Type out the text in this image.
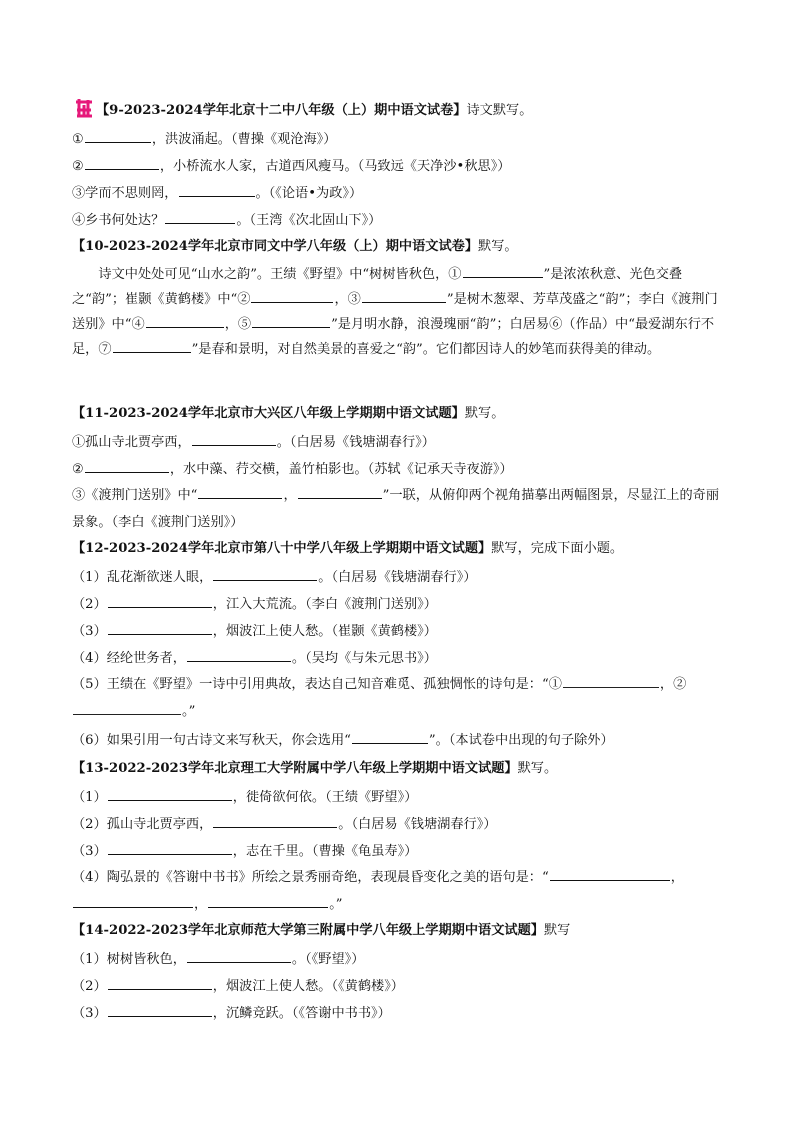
【9-2023-2024学年北京十二中八年级（上）期中语文试卷】诗文默写。
①	，洪波涌起。（曹操《观沧海》）
②	，小桥流水人家，古道西风瘦马。（马致远《天净沙•秋思》）
③学而不思则罔，	。（《论语•为政》）
④乡书何处达？	。（王湾《次北固山下》）
【10-2023-2024学年北京市同文中学八年级（上）期中语文试卷】默写。
诗文中处处可见“山水之韵”。王绩《野望》中“树树皆秋色，①	”是浓浓秋意、光色交叠之“韵”；崔颢《黄鹤楼》中“②	，③	”是树木葱翠、芳草茂盛之“韵”；李白《渡荆门送别》中“④	，⑤	”是月明水静，浪漫瑰丽“韵”；白居易⑥（作品）中“最爱湖东行不足，⑦	”是春和景明，对自然美景的喜爱之“韵”。它们都因诗人的妙笔而获得美的律动。
【11-2023-2024学年北京市大兴区八年级上学期期中语文试题】默写。
①孤山寺北贾亭西，	。（白居易《钱塘湖春行》）
②	，水中藻、荇交横，盖竹柏影也。（苏轼《记承天寺夜游》）
③《渡荆门送别》中“	，	”一联，从俯仰两个视角描摹出两幅图景，尽显江上的奇丽景象。（李白《渡荆门送别》）
【12-2023-2024学年北京市第八十中学八年级上学期期中语文试题】默写，完成下面小题。
（1）乱花渐欲迷人眼，	。（白居易《钱塘湖春行》）
（2）	，江入大荒流。（李白《渡荆门送别》）
（3）	，烟波江上使人愁。（崔颢《黄鹤楼》）
（4）经纶世务者，	。（吴均《与朱元思书》）
（5）王绩在《野望》一诗中引用典故，表达自己知音难觅、孤独惆怅的诗句是：“①	，②。”
（6）如果引用一句古诗文来写秋天，你会选用“	”。（本试卷中出现的句子除外）
【13-2022-2023学年北京理工大学附属中学八年级上学期期中语文试题】默写。
（1）	，徙倚欲何依。（王绩《野望》）
（2）孤山寺北贾亭西，	。（白居易《钱塘湖春行》）
（3）	，志在千里。（曹操《龟虽寿》）
（4）陶弘景的《答谢中书书》所绘之景秀丽奇绝，表现晨昏变化之美的语句是：“	，，	。”
【14-2022-2023学年北京师范大学第三附属中学八年级上学期期中语文试题】默写
（1）树树皆秋色，	。（《野望》）
（2）	，烟波江上使人愁。（《黄鹤楼》）
（3）	，沉鳞竞跃。（《答谢中书书》）
